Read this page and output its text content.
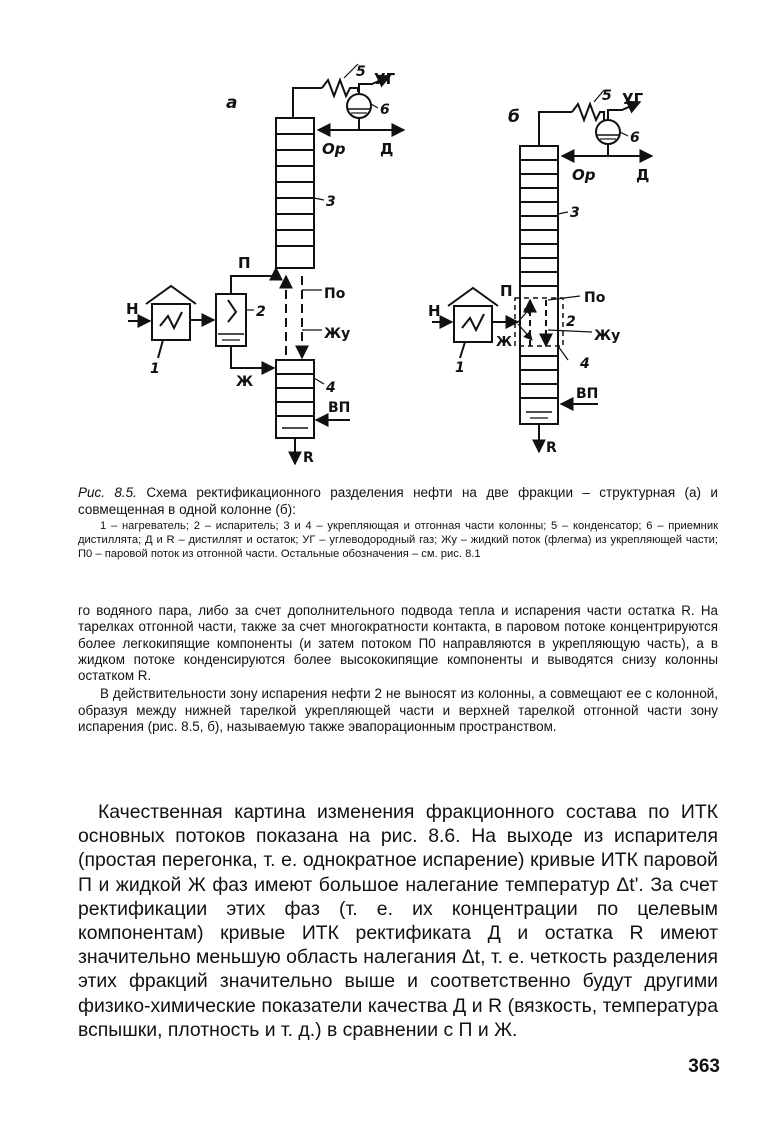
а
Н
1
2
П
Ж
3
По
Жу
4
ВП
R
5
6
УГ
Ор Д
б
Н
1
П
Ж
По
2
Жу
3
4
ВП
R
5
6
УГ
Ор	Д
Рис. 8.5. Схема ректификационного разделения нефти на две фракции – структурная (а) и совмещенная в одной колонне (б):
1 – нагреватель; 2 – испаритель; 3 и 4 – укрепляющая и отгонная части колонны; 5 – конденсатор; 6 – приемник дистиллята; Д и R – дистиллят и остаток; УГ – углеводородный газ; Жу – жидкий поток (флегма) из укрепляющей части; П0 – паровой поток из отгонной части. Остальные обозначения – см. рис. 8.1

го водяного пара, либо за счет дополнительного подвода тепла и испарения части остатка R. На тарелках отгонной части, также за счет многократности контакта, в паровом потоке концентрируются более легкокипящие компоненты (и затем потоком П0 направляются в укрепляющую часть), а в жидком потоке конденсируются более высококипящие компоненты и выводятся снизу колонны остатком R.

В действительности зону испарения нефти 2 не выносят из колонны, а совмещают ее с колонной, образуя между нижней тарелкой укрепляющей части и верхней тарелкой отгонной части зону испарения (рис. 8.5, б), называемую также эвапорационным пространством.

Качественная картина изменения фракционного состава по ИТК основных потоков показана на рис. 8.6. На выходе из испарителя (простая перегонка, т. е. однократное испарение) кривые ИТК паровой П и жидкой Ж фаз имеют большое налегание температур Δt'. За счет ректификации этих фаз (т. е. их концентрации по целевым компонентам) кривые ИТК ректификата Д и остатка R имеют значительно меньшую область налегания Δt, т. е. четкость разделения этих фракций значительно выше и соответственно будут другими физико-химические показатели качества Д и R (вязкость, температура вспышки, плотность и т. д.) в сравнении с П и Ж.

363
